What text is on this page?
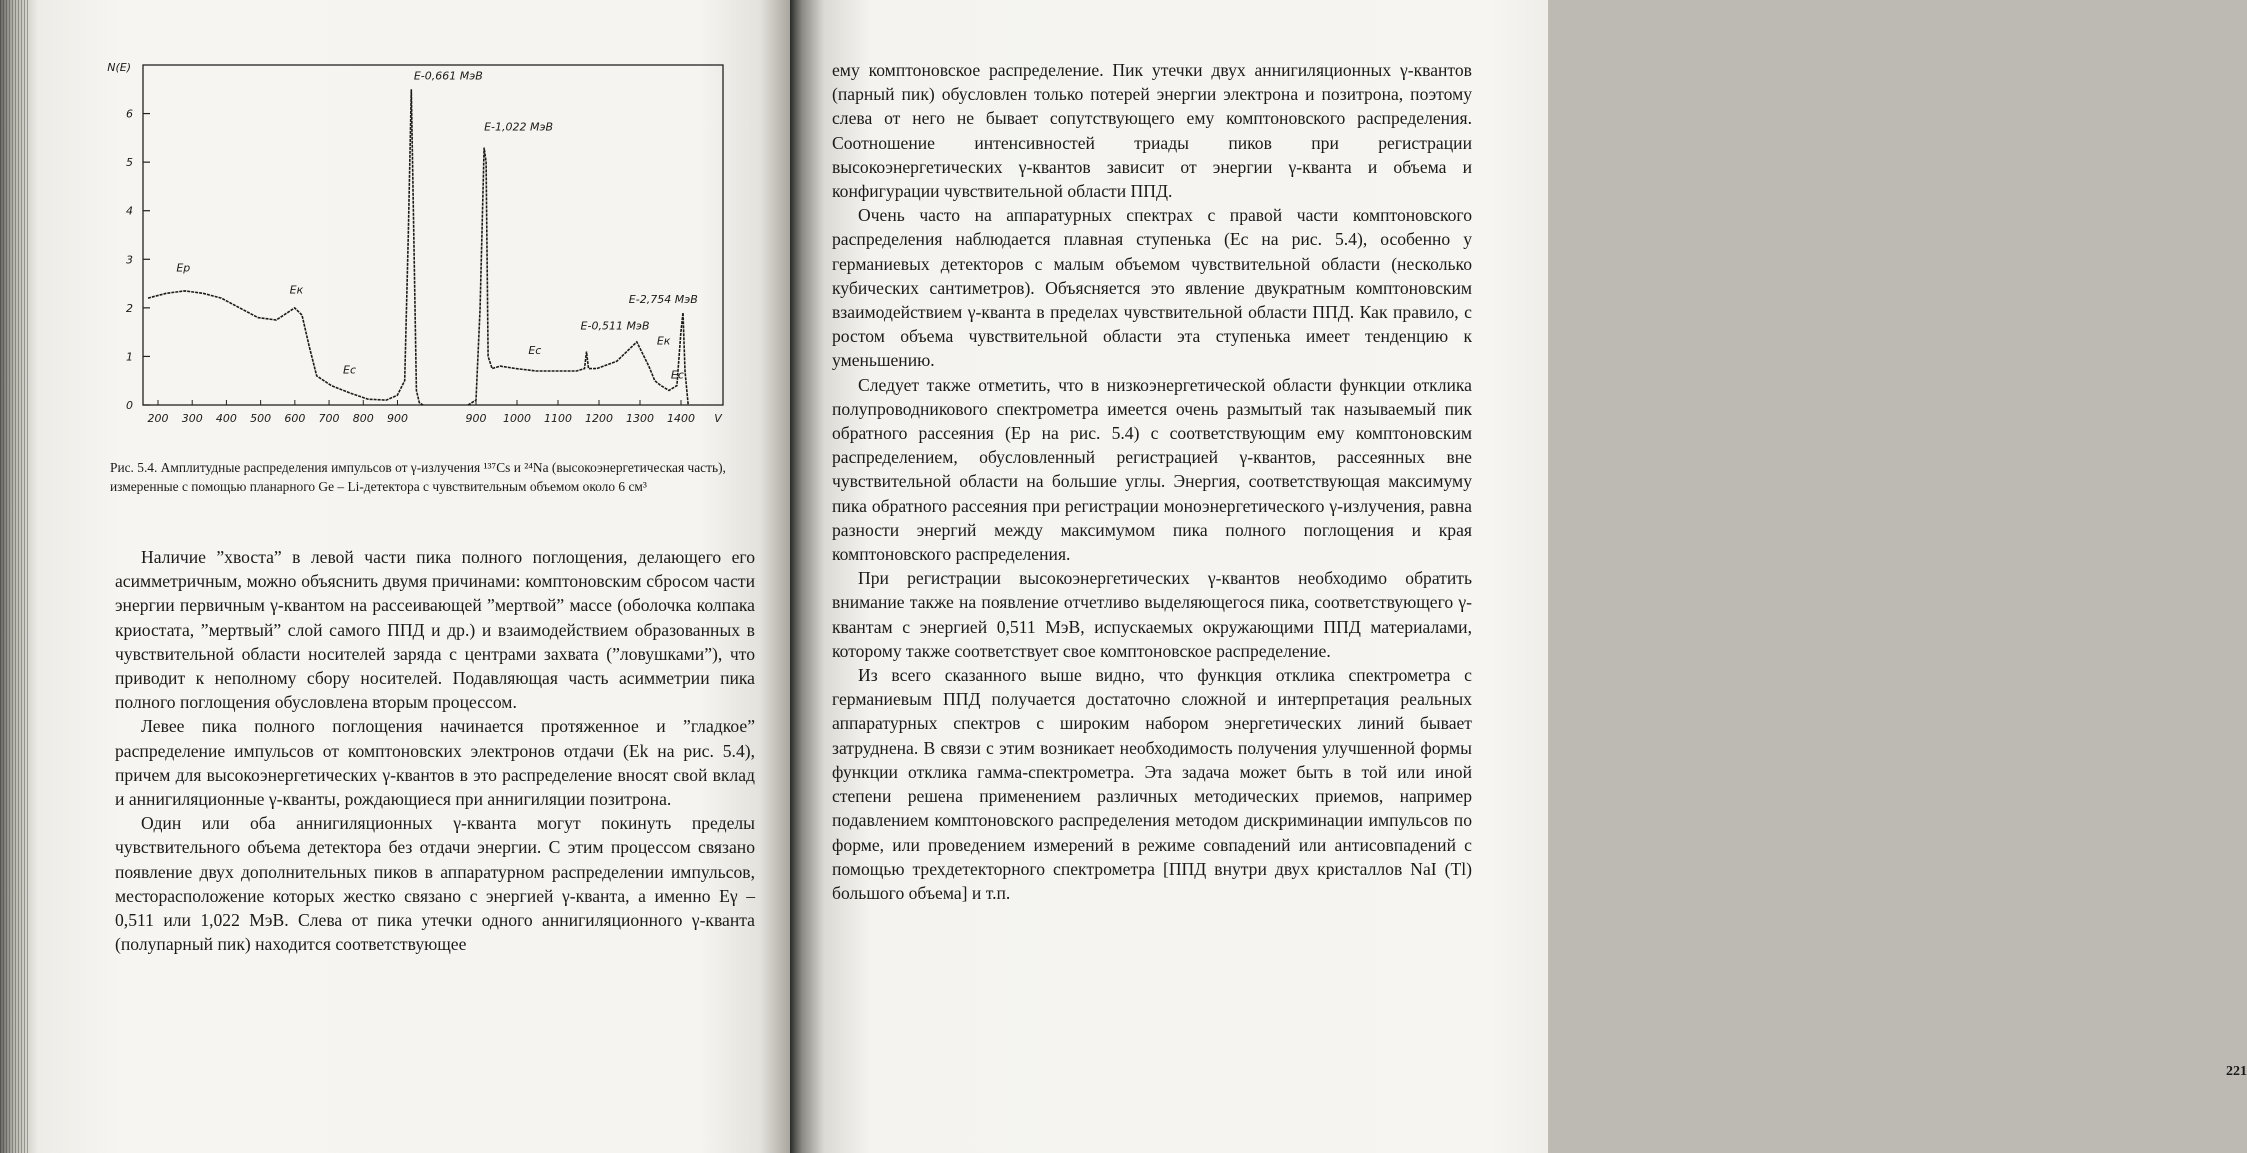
0
1
2
3
4
5
6
N(E)
V
200 300 400 500 600 700 800 900	900 1000 1100 1200 1300 1400
E-0,661 МэВ
E-1,022 МэВ
E-2,754 МэВ
E-0,511 МэВ
Ep
Eк
Ec
Ec
Eк
Ec

Рис. 5.4. Амплитудные распределения импульсов от γ-излучения ¹³⁷Cs и ²⁴Na (высокоэнергетическая часть), измеренные с помощью планарного Ge – Li-детектора с чувствительным объемом около 6 см³

Наличие ”хвоста” в левой части пика полного поглощения, делающего его асимметричным, можно объяснить двумя причинами: комптоновским сбросом части энергии первичным γ-квантом на рассеивающей ”мертвой” массе (оболочка колпака криостата, ”мертвый” слой самого ППД и др.) и взаимодействием образованных в чувствительной области носителей заряда с центрами захвата (”ловушками”), что приводит к неполному сбору носителей. Подавляющая часть асимметрии пика полного поглощения обусловлена вторым процессом.

Левее пика полного поглощения начинается протяженное и ”гладкое” распределение импульсов от комптоновских электронов отдачи (Ek на рис. 5.4), причем для высокоэнергетических γ-квантов в это распределение вносят свой вклад и аннигиляционные γ-кванты, рождающиеся при аннигиляции позитрона.

Один или оба аннигиляционных γ-кванта могут покинуть пределы чувствительного объема детектора без отдачи энергии. С этим процессом связано появление двух дополнительных пиков в аппаратурном распределении импульсов, месторасположение которых жестко связано с энергией γ-кванта, а именно Eγ – 0,511 или 1,022 МэВ. Слева от пика утечки одного аннигиляционного γ-кванта (полупарный пик) находится соответствующее

ему комптоновское распределение. Пик утечки двух аннигиляционных γ-квантов (парный пик) обусловлен только потерей энергии электрона и позитрона, поэтому слева от него не бывает сопутствующего ему комптоновского распределения. Соотношение интенсивностей триады пиков при регистрации высокоэнергетических γ-квантов зависит от энергии γ-кванта и объема и конфигурации чувствительной области ППД.

Очень часто на аппаратурных спектрах с правой части комптоновского распределения наблюдается плавная ступенька (Ec на рис. 5.4), особенно у германиевых детекторов с малым объемом чувствительной области (несколько кубических сантиметров). Объясняется это явление двукратным комптоновским взаимодействием γ-кванта в пределах чувствительной области ППД. Как правило, с ростом объема чувствительной области эта ступенька имеет тенденцию к уменьшению.

Следует также отметить, что в низкоэнергетической области функции отклика полупроводникового спектрометра имеется очень размытый так называемый пик обратного рассеяния (Ep на рис. 5.4) с соответствующим ему комптоновским распределением, обусловленный регистрацией γ-квантов, рассеянных вне чувствительной области на большие углы. Энергия, соответствующая максимуму пика обратного рассеяния при регистрации моноэнергетического γ-излучения, равна разности энергий между максимумом пика полного поглощения и края комптоновского распределения.

При регистрации высокоэнергетических γ-квантов необходимо обратить внимание также на появление отчетливо выделяющегося пика, соответствующего γ-квантам с энергией 0,511 МэВ, испускаемых окружающими ППД материалами, которому также соответствует свое комптоновское распределение.

Из всего сказанного выше видно, что функция отклика спектрометра с германиевым ППД получается достаточно сложной и интерпретация реальных аппаратурных спектров с широким набором энергетических линий бывает затруднена. В связи с этим возникает необходимость получения улучшенной формы функции отклика гамма-спектрометра. Эта задача может быть в той или иной степени решена применением различных методических приемов, например подавлением комптоновского распределения методом дискриминации импульсов по форме, или проведением измерений в режиме совпадений или антисовпадений с помощью трехдетекторного спектрометра [ППД внутри двух кристаллов NaI (Tl) большого объема] и т.п.

221
